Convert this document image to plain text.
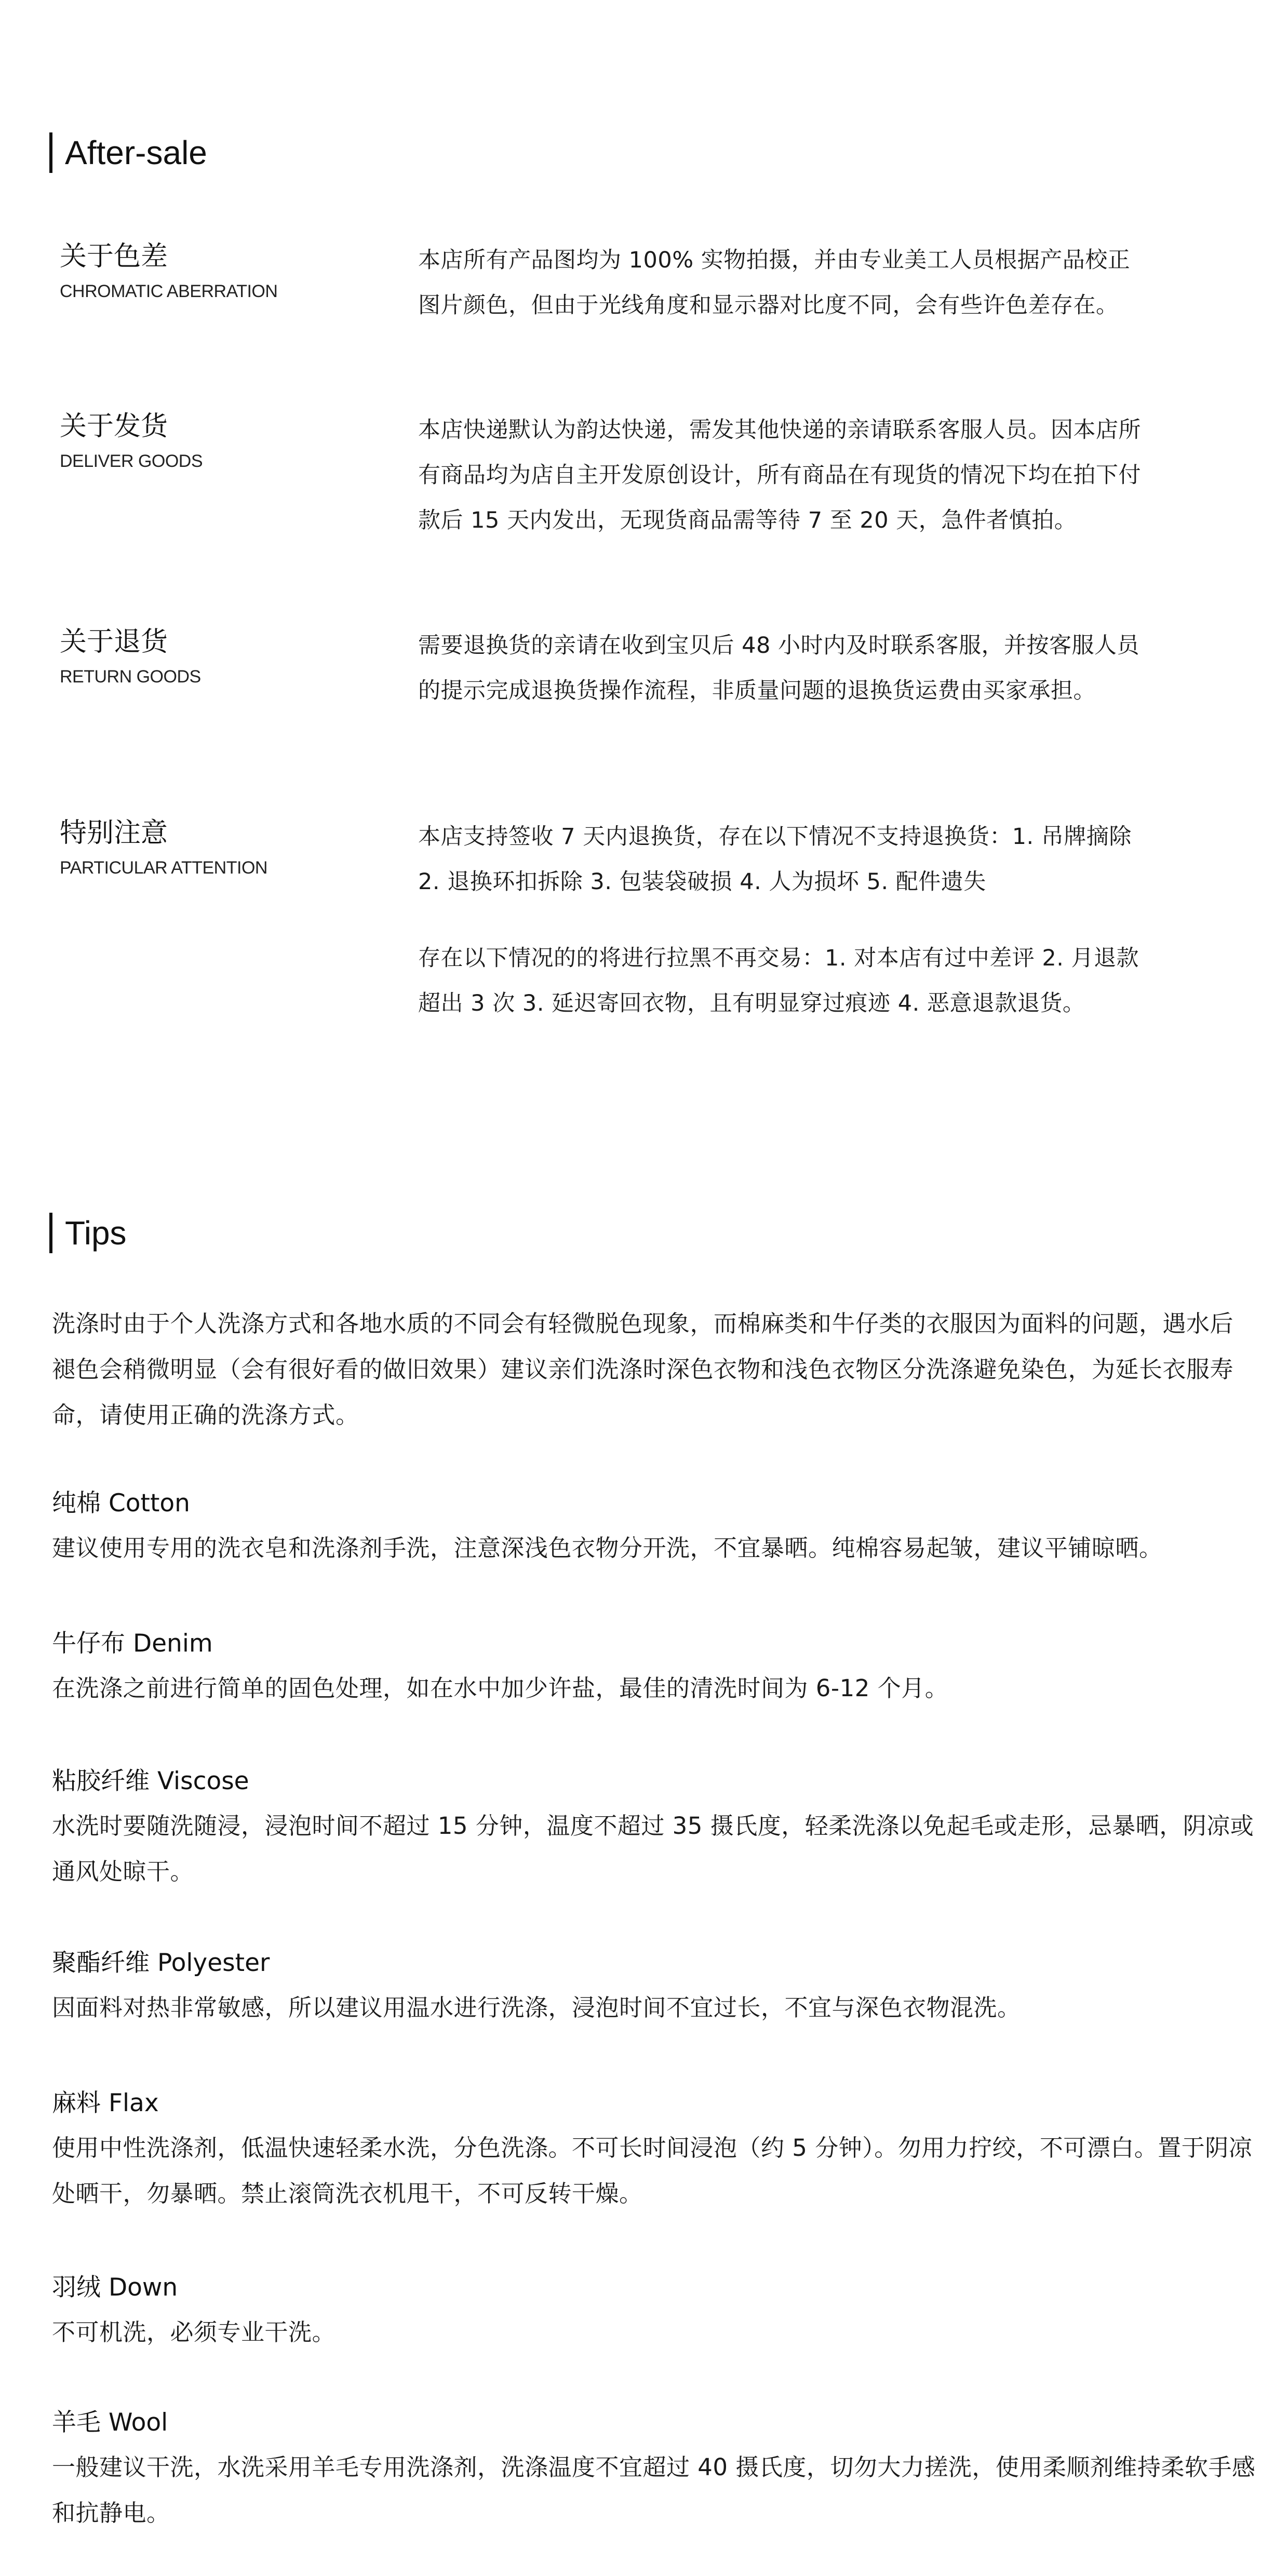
After-sale
关于色差
CHROMATIC ABERRATION

本店所有产品图均为 100% 实物拍摄，并由专业美工人员根据产品校正图片颜色，但由于光线角度和显示器对比度不同，会有些许色差存在。

关于发货
DELIVER GOODS

本店快递默认为韵达快递，需发其他快递的亲请联系客服人员。因本店所有商品均为店自主开发原创设计，所有商品在有现货的情况下均在拍下付款后 15 天内发出，无现货商品需等待 7 至 20 天，急件者慎拍。

关于退货
RETURN GOODS

需要退换货的亲请在收到宝贝后 48 小时内及时联系客服，并按客服人员的提示完成退换货操作流程，非质量问题的退换货运费由买家承担。

特别注意
PARTICULAR ATTENTION

本店支持签收 7 天内退换货，存在以下情况不支持退换货：1. 吊牌摘除 2. 退换环扣拆除 3. 包装袋破损 4. 人为损坏 5. 配件遗失

存在以下情况的的将进行拉黑不再交易：1. 对本店有过中差评 2. 月退款超出 3 次 3. 延迟寄回衣物，且有明显穿过痕迹 4. 恶意退款退货。

Tips
洗涤时由于个人洗涤方式和各地水质的不同会有轻微脱色现象，而棉麻类和牛仔类的衣服因为面料的问题，遇水后褪色会稍微明显（会有很好看的做旧效果）建议亲们洗涤时深色衣物和浅色衣物区分洗涤避免染色，为延长衣服寿命，请使用正确的洗涤方式。
纯棉 Cotton
建议使用专用的洗衣皂和洗涤剂手洗，注意深浅色衣物分开洗，不宜暴晒。纯棉容易起皱，建议平铺晾晒。
牛仔布 Denim
在洗涤之前进行简单的固色处理，如在水中加少许盐，最佳的清洗时间为 6-12 个月。
粘胶纤维 Viscose
水洗时要随洗随浸，浸泡时间不超过 15 分钟，温度不超过 35 摄氏度，轻柔洗涤以免起毛或走形，忌暴晒，阴凉或通风处晾干。
聚酯纤维 Polyester
因面料对热非常敏感，所以建议用温水进行洗涤，浸泡时间不宜过长，不宜与深色衣物混洗。
麻料 Flax
使用中性洗涤剂，低温快速轻柔水洗，分色洗涤。不可长时间浸泡（约 5 分钟）。勿用力拧绞，不可漂白。置于阴凉处晒干，勿暴晒。禁止滚筒洗衣机甩干，不可反转干燥。
羽绒 Down
不可机洗，必须专业干洗。
羊毛 Wool
一般建议干洗，水洗采用羊毛专用洗涤剂，洗涤温度不宜超过 40 摄氏度，切勿大力搓洗，使用柔顺剂维持柔软手感和抗静电。
